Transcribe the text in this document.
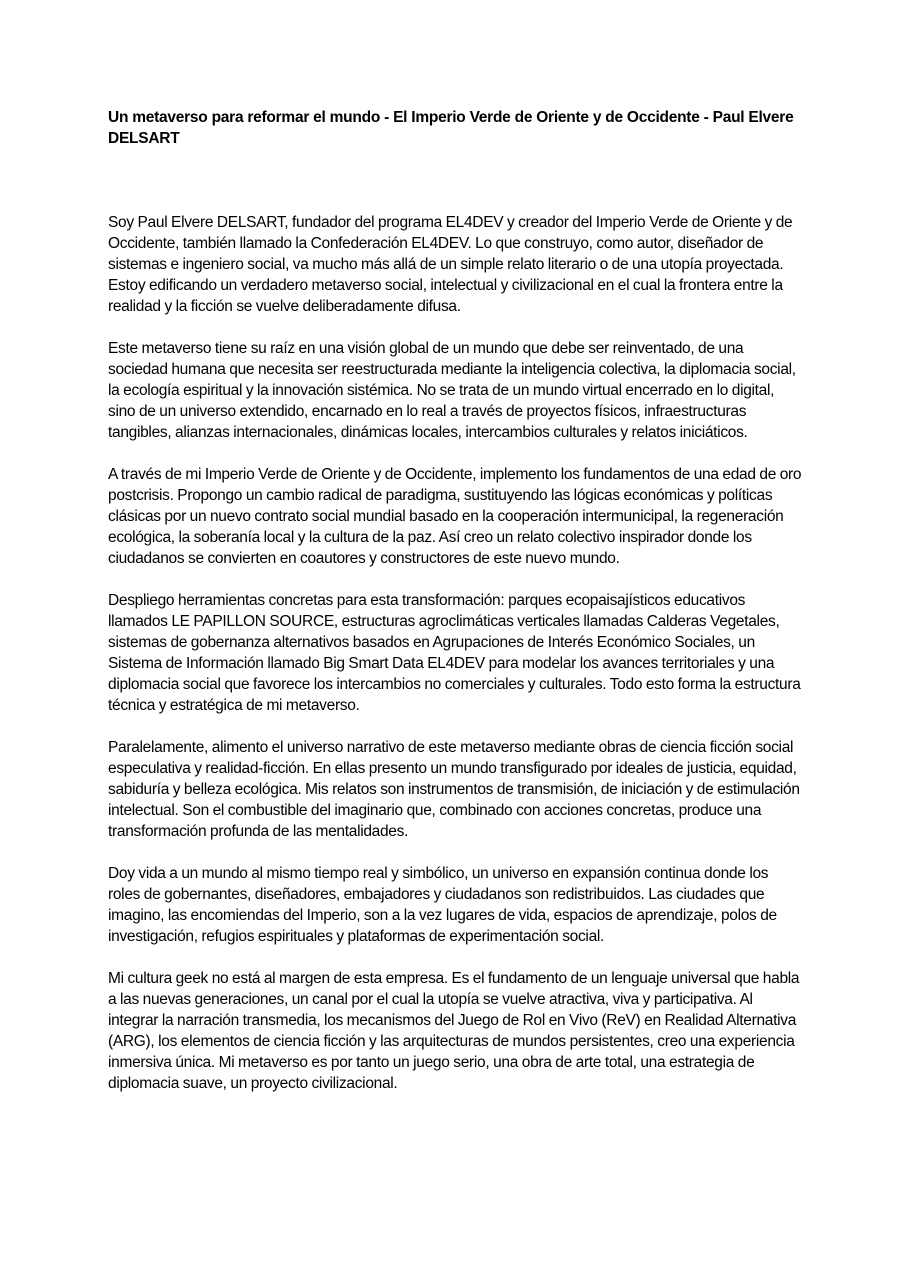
Un metaverso para reformar el mundo - El Imperio Verde de Oriente y de Occidente - Paul Elvere DELSART

Soy Paul Elvere DELSART, fundador del programa EL4DEV y creador del Imperio Verde de Oriente y de Occidente, también llamado la Confederación EL4DEV. Lo que construyo, como autor, diseñador de sistemas e ingeniero social, va mucho más allá de un simple relato literario o de una utopía proyectada. Estoy edificando un verdadero metaverso social, intelectual y civilizacional en el cual la frontera entre la realidad y la ficción se vuelve deliberadamente difusa.

Este metaverso tiene su raíz en una visión global de un mundo que debe ser reinventado, de una sociedad humana que necesita ser reestructurada mediante la inteligencia colectiva, la diplomacia social, la ecología espiritual y la innovación sistémica. No se trata de un mundo virtual encerrado en lo digital, sino de un universo extendido, encarnado en lo real a través de proyectos físicos, infraestructuras tangibles, alianzas internacionales, dinámicas locales, intercambios culturales y relatos iniciáticos.

A través de mi Imperio Verde de Oriente y de Occidente, implemento los fundamentos de una edad de oro postcrisis. Propongo un cambio radical de paradigma, sustituyendo las lógicas económicas y políticas clásicas por un nuevo contrato social mundial basado en la cooperación intermunicipal, la regeneración ecológica, la soberanía local y la cultura de la paz. Así creo un relato colectivo inspirador donde los ciudadanos se convierten en coautores y constructores de este nuevo mundo.

Despliego herramientas concretas para esta transformación: parques ecopaisajísticos educativos llamados LE PAPILLON SOURCE, estructuras agroclimáticas verticales llamadas Calderas Vegetales, sistemas de gobernanza alternativos basados en Agrupaciones de Interés Económico Sociales, un Sistema de Información llamado Big Smart Data EL4DEV para modelar los avances territoriales y una diplomacia social que favorece los intercambios no comerciales y culturales. Todo esto forma la estructura técnica y estratégica de mi metaverso.

Paralelamente, alimento el universo narrativo de este metaverso mediante obras de ciencia ficción social especulativa y realidad-ficción. En ellas presento un mundo transfigurado por ideales de justicia, equidad, sabiduría y belleza ecológica. Mis relatos son instrumentos de transmisión, de iniciación y de estimulación intelectual. Son el combustible del imaginario que, combinado con acciones concretas, produce una transformación profunda de las mentalidades.

Doy vida a un mundo al mismo tiempo real y simbólico, un universo en expansión continua donde los roles de gobernantes, diseñadores, embajadores y ciudadanos son redistribuidos. Las ciudades que imagino, las encomiendas del Imperio, son a la vez lugares de vida, espacios de aprendizaje, polos de investigación, refugios espirituales y plataformas de experimentación social.

Mi cultura geek no está al margen de esta empresa. Es el fundamento de un lenguaje universal que habla a las nuevas generaciones, un canal por el cual la utopía se vuelve atractiva, viva y participativa. Al integrar la narración transmedia, los mecanismos del Juego de Rol en Vivo (ReV) en Realidad Alternativa (ARG), los elementos de ciencia ficción y las arquitecturas de mundos persistentes, creo una experiencia inmersiva única. Mi metaverso es por tanto un juego serio, una obra de arte total, una estrategia de diplomacia suave, un proyecto civilizacional.
